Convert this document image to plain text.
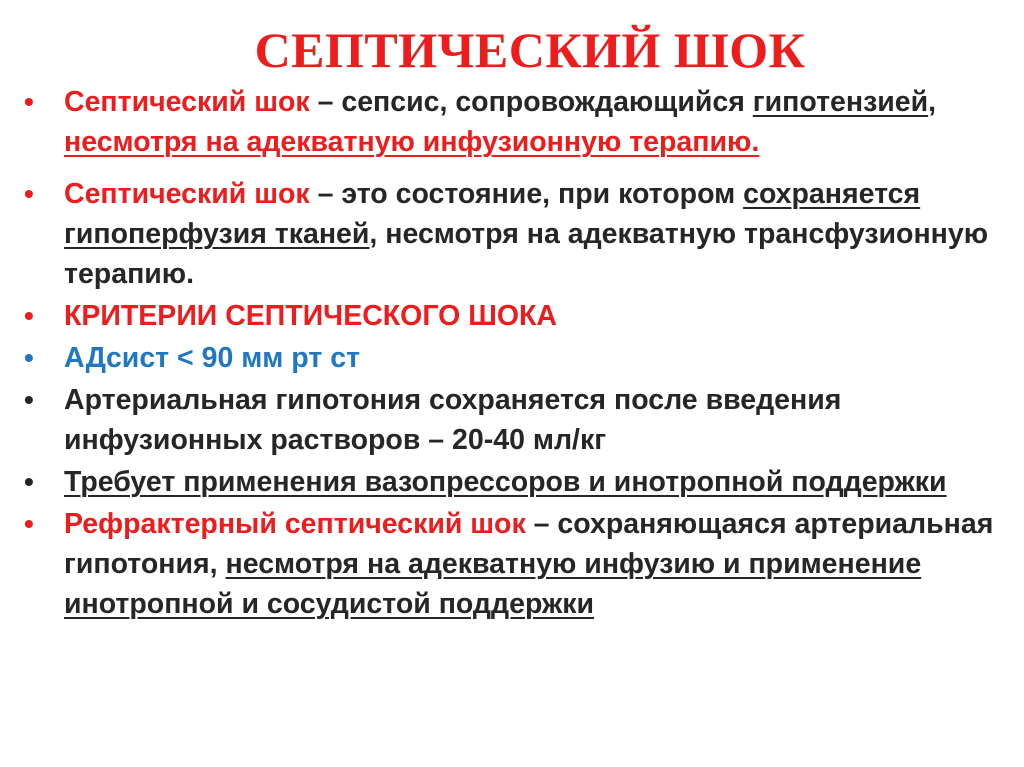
СЕПТИЧЕСКИЙ ШОК
•	Септический шок – сепсис, сопровождающийся гипотензией, несмотря на адекватную инфузионную терапию.
•	Септический шок – это состояние, при котором сохраняется гипоперфузия тканей, несмотря на адекватную трансфузионную терапию.
•	КРИТЕРИИ СЕПТИЧЕСКОГО ШОКА
•	АДсист < 90 мм рт ст
•	Артериальная гипотония сохраняется после введения инфузионных растворов – 20-40 мл/кг
•	Требует применения вазопрессоров и инотропной поддержки
•	Рефрактерный септический шок – сохраняющаяся артериальная гипотония, несмотря на адекватную инфузию и применение инотропной и сосудистой поддержки
